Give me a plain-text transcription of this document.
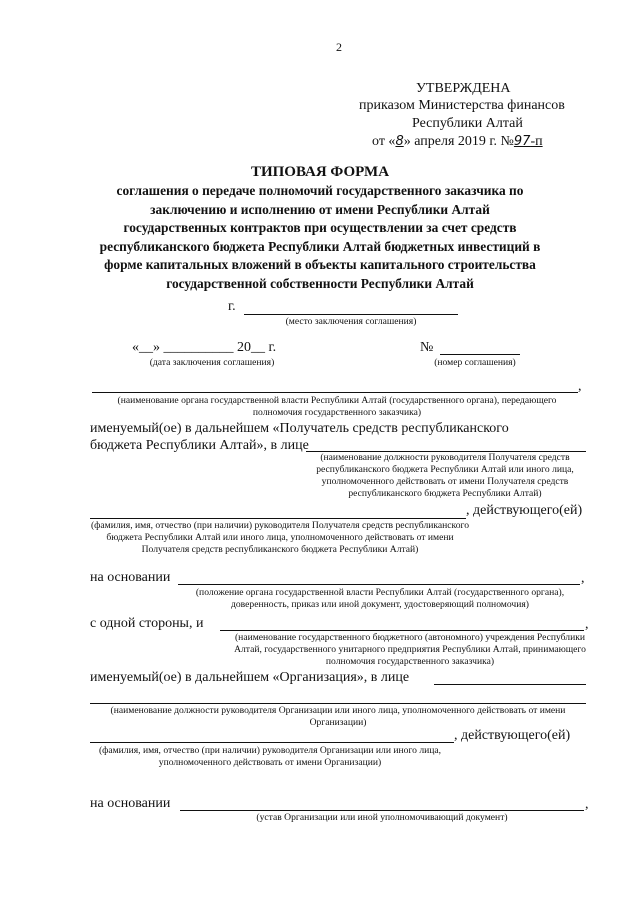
2
УТВЕРЖДЕНА
приказом Министерства финансов
Республики Алтай
от «8» апреля 2019 г. №97-п
ТИПОВАЯ ФОРМА
соглашения о передаче полномочий государственного заказчика по
заключению и исполнению от имени Республики Алтай
государственных контрактов при осуществлении за счет средств
республиканского бюджета Республики Алтай бюджетных инвестиций в
форме капитальных вложений в объекты капитального строительства
государственной собственности Республики Алтай
г.
(место заключения соглашения)
«__» __________ 20__ г.
(дата заключения соглашения)
№
(номер соглашения)
,
(наименование органа государственной власти Республики Алтай (государственного органа), передающего полномочия государственного заказчика)
именуемый(ое) в дальнейшем «Получатель средств республиканского
бюджета Республики Алтай», в лице
(наименование должности руководителя Получателя средств республиканского бюджета Республики Алтай или иного лица, уполномоченного действовать от имени Получателя средств республиканского бюджета Республики Алтай)
, действующего(ей)
(фамилия, имя, отчество (при наличии) руководителя Получателя средств республиканского бюджета Республики Алтай или иного лица, уполномоченного действовать от имени Получателя средств республиканского бюджета Республики Алтай)
на основании	,
(положение органа государственной власти Республики Алтай (государственного органа), доверенность, приказ или иной документ, удостоверяющий полномочия)
с одной стороны, и	,
(наименование государственного бюджетного (автономного) учреждения Республики Алтай, государственного унитарного предприятия Республики Алтай, принимающего полномочия государственного заказчика)
именуемый(ое) в дальнейшем «Организация», в лице
(наименование должности руководителя Организации или иного лица, уполномоченного действовать от имени Организации)
, действующего(ей)
(фамилия, имя, отчество (при наличии) руководителя Организации или иного лица, уполномоченного действовать от имени Организации)
на основании	,
(устав Организации или иной уполномочивающий документ)
